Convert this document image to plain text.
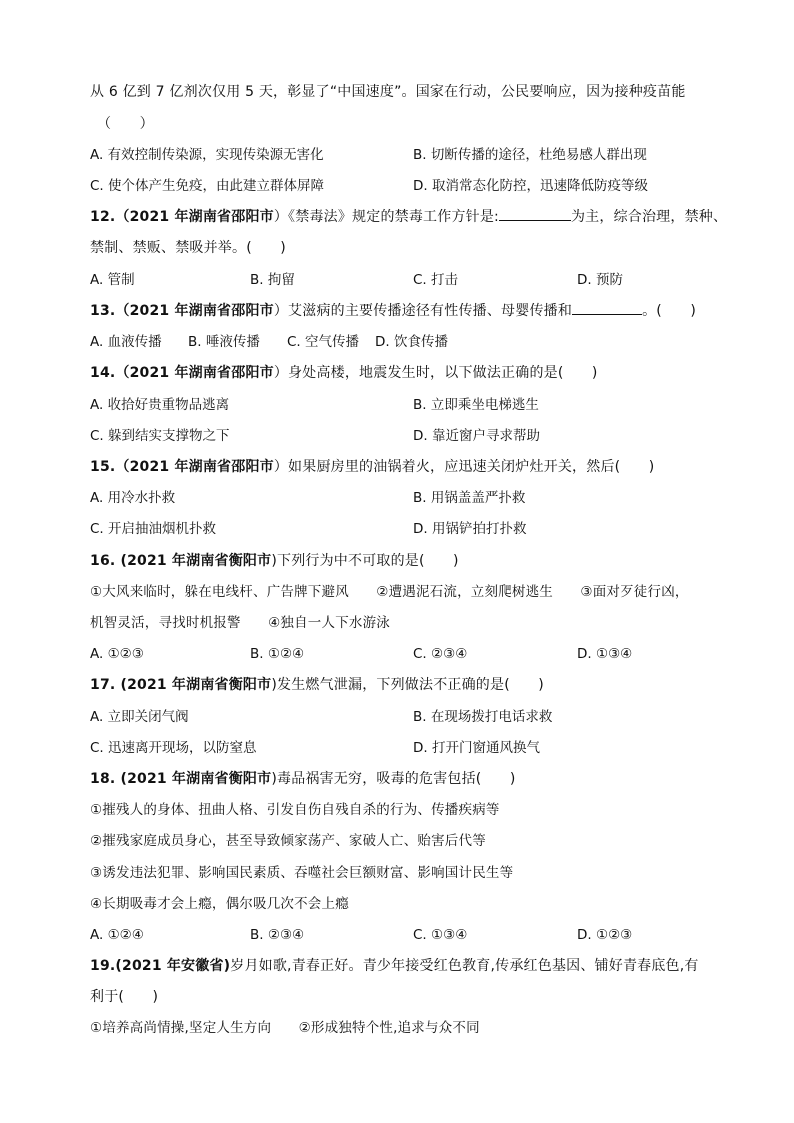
从 6 亿到 7 亿剂次仅用 5 天，彰显了“中国速度”。国家在行动，公民要响应，因为接种疫苗能
（　　）
A. 有效控制传染源，实现传染源无害化	B. 切断传播的途径，杜绝易感人群出现
C. 使个体产生免疫，由此建立群体屏障	D. 取消常态化防控，迅速降低防疫等级
12.（2021 年湖南省邵阳市）《禁毒法》规定的禁毒工作方针是:	为主，综合治理，禁种、
禁制、禁贩、禁吸并举。(　　)
A. 管制	B. 拘留	C. 打击	D. 预防
13.（2021 年湖南省邵阳市）艾滋病的主要传播途径有性传播、母婴传播和	。(　　)
A. 血液传播 B. 唾液传播 C. 空气传播 D. 饮食传播
14.（2021 年湖南省邵阳市）身处高楼，地震发生时，以下做法正确的是(　　)
A. 收拾好贵重物品逃离	B. 立即乘坐电梯逃生
C. 躲到结实支撑物之下	D. 靠近窗户寻求帮助
15.（2021 年湖南省邵阳市）如果厨房里的油锅着火，应迅速关闭炉灶开关，然后(　　)
A. 用冷水扑救	B. 用锅盖盖严扑救
C. 开启抽油烟机扑救	D. 用锅铲拍打扑救
16. (2021 年湖南省衡阳市)下列行为中不可取的是(　　)
①大风来临时，躲在电线杆、广告牌下避风　　②遭遇泥石流，立刻爬树逃生　　③面对歹徒行凶，
机智灵活，寻找时机报警　　④独自一人下水游泳
A. ①②③	B. ①②④	C. ②③④	D. ①③④
17. (2021 年湖南省衡阳市)发生燃气泄漏，下列做法不正确的是(　　)
A. 立即关闭气阀	B. 在现场拨打电话求救
C. 迅速离开现场，以防窒息	D. 打开门窗通风换气
18. (2021 年湖南省衡阳市)毒品祸害无穷，吸毒的危害包括(　　)
①摧残人的身体、扭曲人格、引发自伤自残自杀的行为、传播疾病等
②摧残家庭成员身心，甚至导致倾家荡产、家破人亡、贻害后代等
③诱发违法犯罪、影响国民素质、吞噬社会巨额财富、影响国计民生等
④长期吸毒才会上瘾，偶尔吸几次不会上瘾
A. ①②④	B. ②③④	C. ①③④	D. ①②③
19.(2021 年安徽省)岁月如歌,青春正好。青少年接受红色教育,传承红色基因、铺好青春底色,有
利于(　　)
①培养高尚情操,坚定人生方向　　②形成独特个性,追求与众不同
